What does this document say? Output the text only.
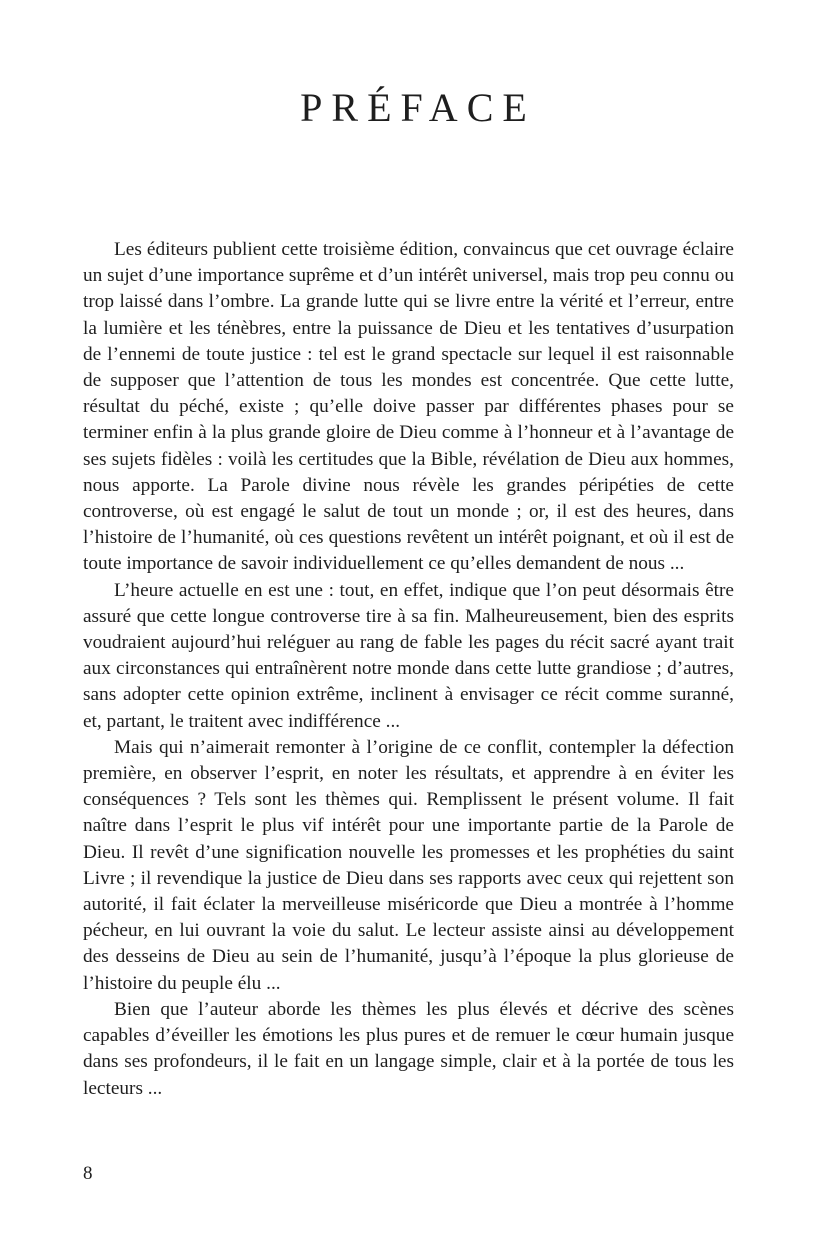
PRÉFACE

Les éditeurs publient cette troisième édition, convaincus que cet ouvrage éclaire un sujet d’une importance suprême et d’un intérêt universel, mais trop peu connu ou trop laissé dans l’ombre. La grande lutte qui se livre entre la vérité et l’erreur, entre la lumière et les ténèbres, entre la puissance de Dieu et les tentatives d’usurpation de l’ennemi de toute justice : tel est le grand spectacle sur lequel il est raisonnable de supposer que l’attention de tous les mondes est concentrée. Que cette lutte, résultat du péché, existe ; qu’elle doive passer par différentes phases pour se terminer enfin à la plus grande gloire de Dieu comme à l’honneur et à l’avantage de ses sujets fidèles : voilà les certitudes que la Bible, révélation de Dieu aux hommes, nous apporte. La Parole divine nous révèle les grandes péripéties de cette controverse, où est engagé le salut de tout un monde ; or, il est des heures, dans l’histoire de l’humanité, où ces questions revêtent un intérêt poignant, et où il est de toute importance de savoir individuellement ce qu’elles demandent de nous ...

L’heure actuelle en est une : tout, en effet, indique que l’on peut désormais être assuré que cette longue controverse tire à sa fin. Malheureusement, bien des esprits voudraient aujourd’hui reléguer au rang de fable les pages du récit sacré ayant trait aux circonstances qui entraînèrent notre monde dans cette lutte grandiose ; d’autres, sans adopter cette opinion extrême, inclinent à envisager ce récit comme suranné, et, partant, le traitent avec indifférence ...

Mais qui n’aimerait remonter à l’origine de ce conflit, contempler la défection première, en observer l’esprit, en noter les résultats, et apprendre à en éviter les conséquences ? Tels sont les thèmes qui. Remplissent le présent volume. Il fait naître dans l’esprit le plus vif intérêt pour une importante partie de la Parole de Dieu. Il revêt d’une signification nouvelle les promesses et les prophéties du saint Livre ; il revendique la justice de Dieu dans ses rapports avec ceux qui rejettent son autorité, il fait éclater la merveilleuse miséricorde que Dieu a montrée à l’homme pécheur, en lui ouvrant la voie du salut. Le lecteur assiste ainsi au développement des desseins de Dieu au sein de l’humanité, jusqu’à l’époque la plus glorieuse de l’histoire du peuple élu ...

Bien que l’auteur aborde les thèmes les plus élevés et décrive des scènes capables d’éveiller les émotions les plus pures et de remuer le cœur humain jusque dans ses profondeurs, il le fait en un langage simple, clair et à la portée de tous les lecteurs ...

8
